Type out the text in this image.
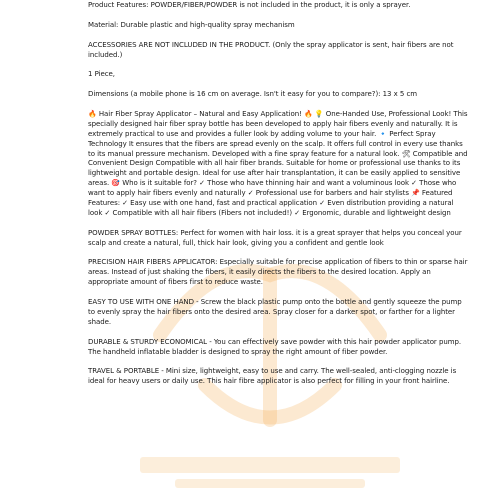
Product Features: POWDER/FIBER/POWDER is not included in the product, it is only a sprayer.

Material: Durable plastic and high-quality spray mechanism

ACCESSORIES ARE NOT INCLUDED IN THE PRODUCT. (Only the spray applicator is sent, hair fibers are not included.)

1 Piece,

Dimensions (a mobile phone is 16 cm on average. Isn't it easy for you to compare?): 13 x 5 cm

🔥 Hair Fiber Spray Applicator – Natural and Easy Application! 🔥 💡 One-Handed Use, Professional Look! This specially designed hair fiber spray bottle has been developed to apply hair fibers evenly and naturally. It is extremely practical to use and provides a fuller look by adding volume to your hair. 🔹 Perfect Spray Technology It ensures that the fibers are spread evenly on the scalp. It offers full control in every use thanks to its manual pressure mechanism. Developed with a fine spray feature for a natural look. 🛠 Compatible and Convenient Design Compatible with all hair fiber brands. Suitable for home or professional use thanks to its lightweight and portable design. Ideal for use after hair transplantation, it can be easily applied to sensitive areas. 🎯 Who is it suitable for? ✓ Those who have thinning hair and want a voluminous look ✓ Those who want to apply hair fibers evenly and naturally ✓ Professional use for barbers and hair stylists 📌 Featured Features: ✓ Easy use with one hand, fast and practical application ✓ Even distribution providing a natural look ✓ Compatible with all hair fibers (Fibers not included!) ✓ Ergonomic, durable and lightweight design

POWDER SPRAY BOTTLES: Perfect for women with hair loss. it is a great sprayer that helps you conceal your scalp and create a natural, full, thick hair look, giving you a confident and gentle look

PRECISION HAIR FIBERS APPLICATOR: Especially suitable for precise application of fibers to thin or sparse hair areas. Instead of just shaking the fibers, it easily directs the fibers to the desired location. Apply an appropriate amount of fibers first to reduce waste.

EASY TO USE WITH ONE HAND - Screw the black plastic pump onto the bottle and gently squeeze the pump to evenly spray the hair fibers onto the desired area. Spray closer for a darker spot, or farther for a lighter shade.

DURABLE & STURDY ECONOMICAL - You can effectively save powder with this hair powder applicator pump. The handheld inflatable bladder is designed to spray the right amount of fiber powder.

TRAVEL & PORTABLE - Mini size, lightweight, easy to use and carry. The well-sealed, anti-clogging nozzle is ideal for heavy users or daily use. This hair fibre applicator is also perfect for filling in your front hairline.
